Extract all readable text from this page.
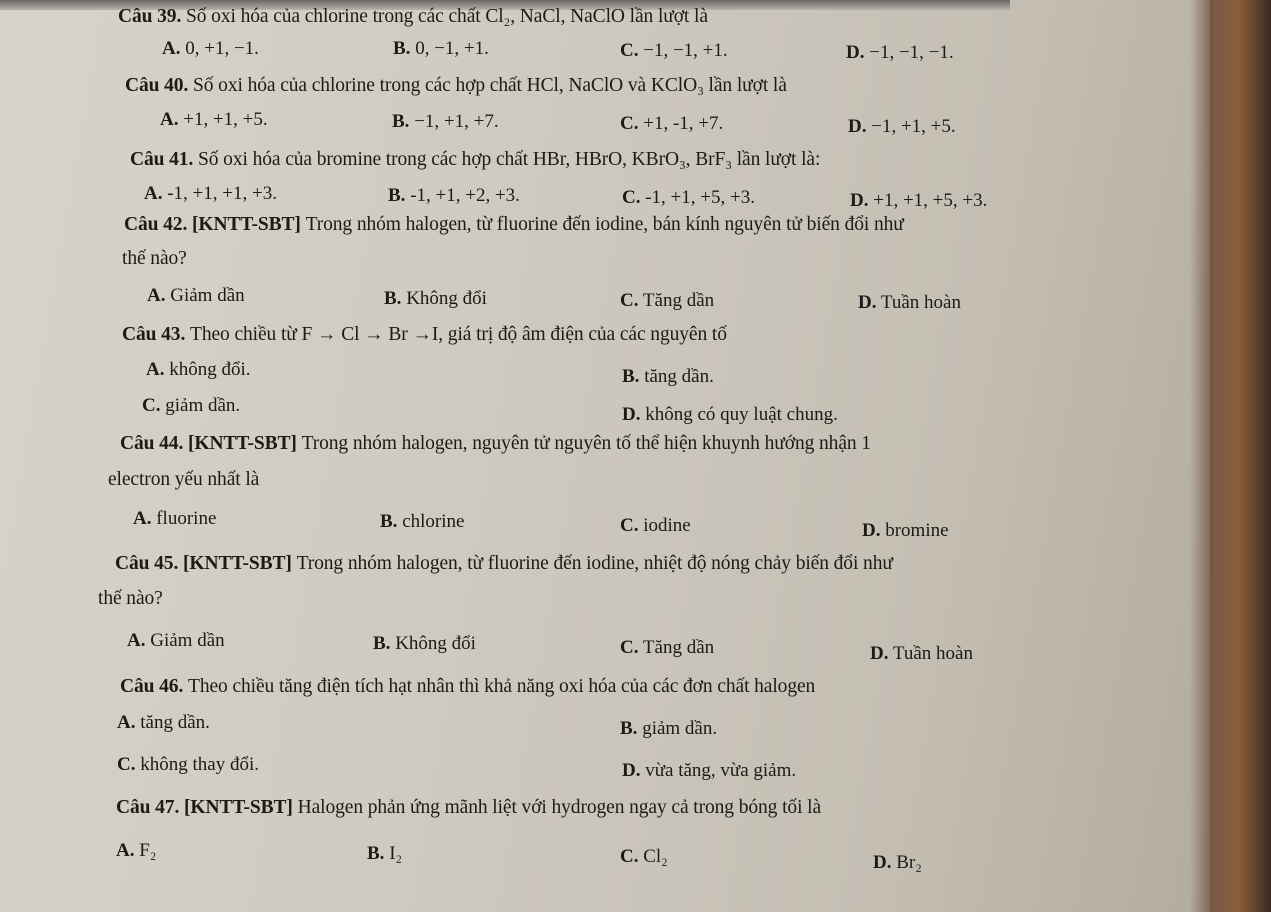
Câu 39. Số oxi hóa của chlorine trong các chất Cl₂, NaCl, NaClO lần lượt là
A. 0, +1, −1.	B. 0, −1, +1.	C. −1, −1, +1.	D. −1, −1, −1.
Câu 40. Số oxi hóa của chlorine trong các hợp chất HCl, NaClO và KClO₃ lần lượt là
A. +1, +1, +5.	B. −1, +1, +7.	C. +1, -1, +7.	D. −1, +1, +5.
Câu 41. Số oxi hóa của bromine trong các hợp chất HBr, HBrO, KBrO₃, BrF₃ lần lượt là:
A. -1, +1, +1, +3.	B. -1, +1, +2, +3.	C. -1, +1, +5, +3.	D. +1, +1, +5, +3.
Câu 42. [KNTT-SBT] Trong nhóm halogen, từ fluorine đến iodine, bán kính nguyên tử biến đổi như
thế nào?
A. Giảm dần	B. Không đổi	C. Tăng dần	D. Tuần hoàn
Câu 43. Theo chiều từ F → Cl → Br →I, giá trị độ âm điện của các nguyên tố
A. không đổi.	B. tăng dần.
C. giảm dần.	D. không có quy luật chung.
Câu 44. [KNTT-SBT] Trong nhóm halogen, nguyên tử nguyên tố thể hiện khuynh hướng nhận 1
electron yếu nhất là
A. fluorine	B. chlorine	C. iodine	D. bromine
Câu 45. [KNTT-SBT] Trong nhóm halogen, từ fluorine đến iodine, nhiệt độ nóng chảy biến đổi như
thế nào?
A. Giảm dần	B. Không đổi	C. Tăng dần	D. Tuần hoàn
Câu 46. Theo chiều tăng điện tích hạt nhân thì khả năng oxi hóa của các đơn chất halogen
A. tăng dần.	B. giảm dần.
C. không thay đổi.	D. vừa tăng, vừa giảm.
Câu 47. [KNTT-SBT] Halogen phản ứng mãnh liệt với hydrogen ngay cả trong bóng tối là
A. F₂	B. I₂	C. Cl₂	D. Br₂
